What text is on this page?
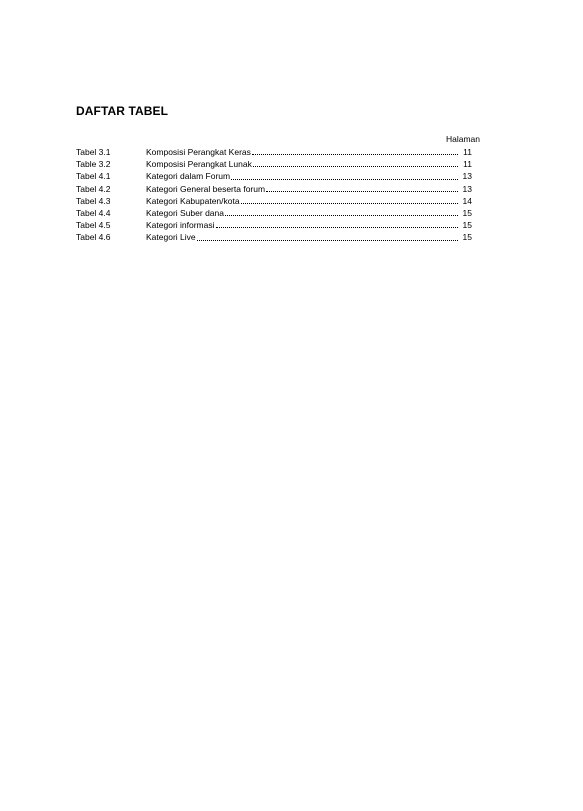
DAFTAR TABEL
Halaman
Tabel 3.1	Komposisi Perangkat Keras	11
Table 3.2	Komposisi Perangkat Lunak	11
Tabel 4.1	Kategori dalam Forum	13
Tabel 4.2	Kategori General beserta forum	13
Tabel 4.3	Kategori Kabupaten/kota	14
Tabel 4.4	Kategori Suber dana	15
Tabel 4.5	Kategori informasi	15
Tabel 4.6	Kategori Live	15
